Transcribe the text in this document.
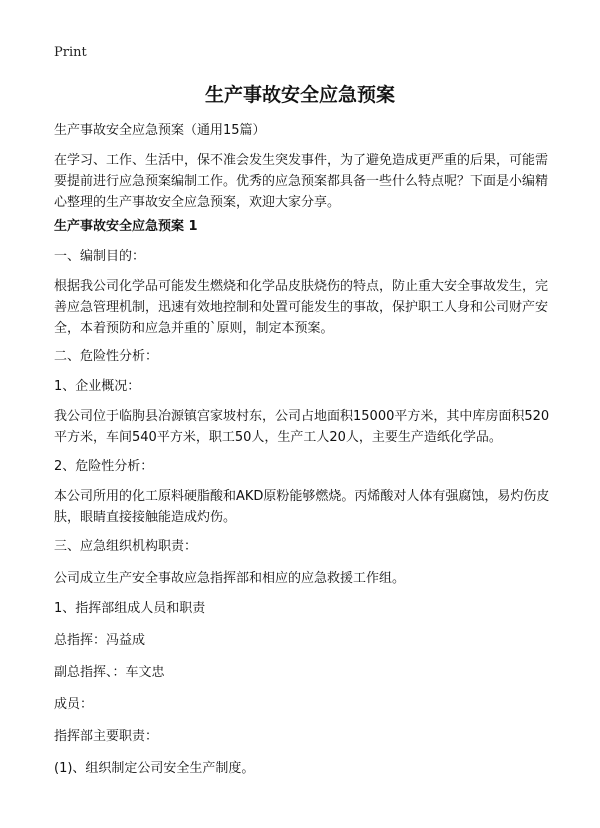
Print
生产事故安全应急预案

生产事故安全应急预案（通用15篇）

在学习、工作、生活中，保不准会发生突发事件，为了避免造成更严重的后果，可能需要提前进行应急预案编制工作。优秀的应急预案都具备一些什么特点呢？下面是小编精心整理的生产事故安全应急预案，欢迎大家分享。

生产事故安全应急预案 1

一、编制目的：

根据我公司化学品可能发生燃烧和化学品皮肤烧伤的特点，防止重大安全事故发生，完善应急管理机制，迅速有效地控制和处置可能发生的事故，保护职工人身和公司财产安全，本着预防和应急并重的`原则，制定本预案。

二、危险性分析：

1、企业概况：

我公司位于临朐县冶源镇宫家坡村东，公司占地面积15000平方米，其中库房面积520平方米，车间540平方米，职工50人，生产工人20人，主要生产造纸化学品。

2、危险性分析：

本公司所用的化工原料硬脂酸和AKD原粉能够燃烧。丙烯酸对人体有强腐蚀，易灼伤皮肤，眼睛直接接触能造成灼伤。

三、应急组织机构职责：

公司成立生产安全事故应急指挥部和相应的应急救援工作组。

1、指挥部组成人员和职责

总指挥：冯益成

副总指挥、：车文忠

成员：

指挥部主要职责：

(1)、组织制定公司安全生产制度。
